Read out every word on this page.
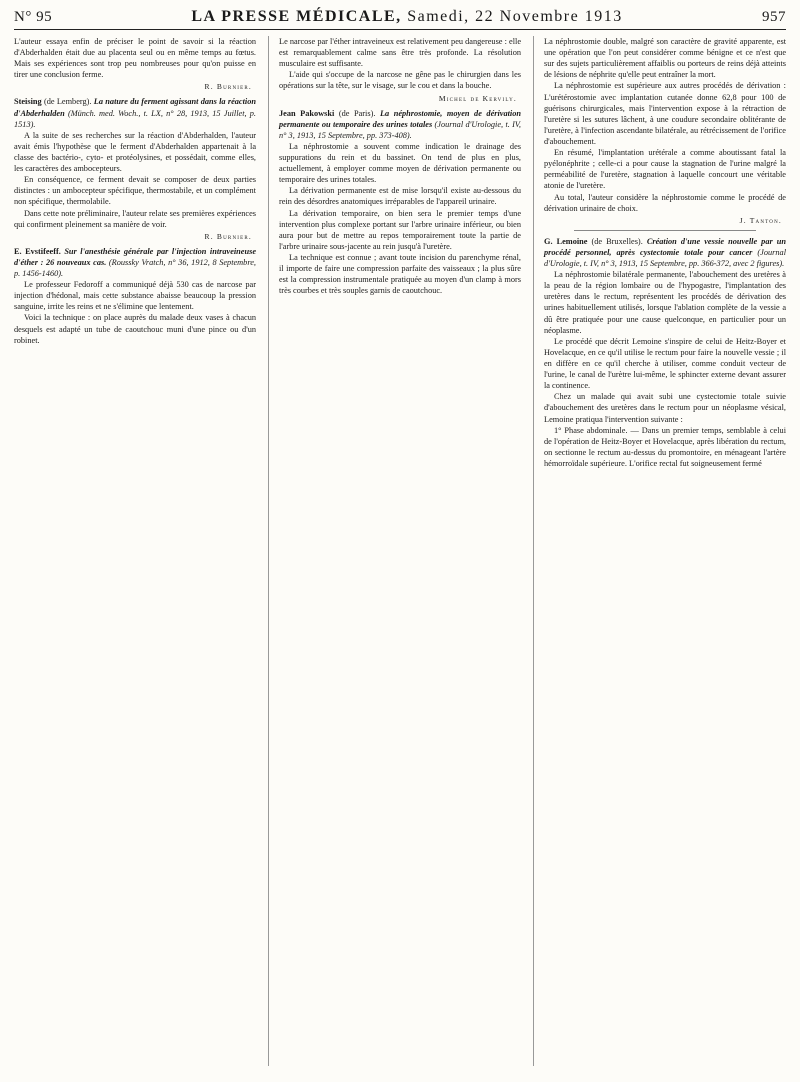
N° 95	LA PRESSE MÉDICALE, Samedi, 22 Novembre 1913	957

L'auteur essaya enfin de préciser le point de savoir si la réaction d'Abderhalden était due au placenta seul ou en même temps au fœtus. Mais ses expériences sont trop peu nombreuses pour qu'on puisse en tirer une conclusion ferme.

R. Burnier.
Steising (de Lemberg). La nature du ferment agissant dans la réaction d'Abderhalden (Münch. med. Woch., t. LX, n° 28, 1913, 15 Juillet, p. 1513).

A la suite de ses recherches sur la réaction d'Abderhalden, l'auteur avait émis l'hypothèse que le ferment d'Abderhalden appartenait à la classe des bactério-, cyto- et protéolysines, et possédait, comme elles, les caractères des ambocepteurs.

En conséquence, ce ferment devait se composer de deux parties distinctes : un ambocepteur spécifique, thermostabile, et un complément non spécifique, thermolabile.

Dans cette note préliminaire, l'auteur relate ses premières expériences qui confirment pleinement sa manière de voir.

R. Burnier.
E. Evstifeeff. Sur l'anesthésie générale par l'injection intraveineuse d'éther : 26 nouveaux cas. (Roussky Vratch, n° 36, 1912, 8 Septembre, p. 1456-1460).

Le professeur Fedoroff a communiqué déjà 530 cas de narcose par injection d'hédonal, mais cette substance abaisse beaucoup la pression sanguine, irrite les reins et ne s'élimine que lentement.

Voici la technique : on place auprès du malade deux vases à chacun desquels est adapté un tube de caoutchouc muni d'une pince ou d'un robinet.

Le narcose par l'éther intraveineux est relativement peu dangereuse : elle est remarquablement calme sans être très profonde. La résolution musculaire est suffisante.

L'aide qui s'occupe de la narcose ne gêne pas le chirurgien dans les opérations sur la tête, sur le visage, sur le cou et dans la bouche.

Michel de Kervily.
Jean Pakowski (de Paris). La néphrostomie, moyen de dérivation permanente ou temporaire des urines totales (Journal d'Urologie, t. IV, n° 3, 1913, 15 Septembre, pp. 373-408).

La néphrostomie a souvent comme indication le drainage des suppurations du rein et du bassinet. On tend de plus en plus, actuellement, à employer comme moyen de dérivation permanente ou temporaire des urines totales.

La dérivation permanente est de mise lorsqu'il existe au-dessous du rein des désordres anatomiques irréparables de l'appareil urinaire.

La dérivation temporaire, on bien sera le premier temps d'une intervention plus complexe portant sur l'arbre urinaire inférieur, ou bien aura pour but de mettre au repos temporairement toute la partie de l'arbre urinaire sous-jacente au rein jusqu'à l'uretère.

La technique est connue ; avant toute incision du parenchyme rénal, il importe de faire une compression parfaite des vaisseaux ; la plus sûre est la compression instrumentale pratiquée au moyen d'un clamp à mors très courbes et très souples garnis de caoutchouc.

La néphrostomie double, malgré son caractère de gravité apparente, est une opération que l'on peut considérer comme bénigne et ce n'est que sur des sujets particulièrement affaiblis ou porteurs de reins déjà atteints de lésions de néphrite qu'elle peut entraîner la mort.

La néphrostomie est supérieure aux autres procédés de dérivation : L'urétérostomie avec implantation cutanée donne 62,8 pour 100 de guérisons chirurgicales, mais l'intervention expose à la rétraction de l'uretère si les sutures lâchent, à une coudure secondaire oblitérante de l'uretère, à l'infection ascendante bilatérale, au rétrécissement de l'orifice d'abouchement.

En résumé, l'implantation urétérale a comme aboutissant fatal la pyélonéphrite ; celle-ci a pour cause la stagnation de l'urine malgré la perméabilité de l'uretère, stagnation à laquelle concourt une véritable atonie de l'uretère.

Au total, l'auteur considère la néphrostomie comme le procédé de dérivation urinaire de choix.

J. Tanton.
G. Lemoine (de Bruxelles). Création d'une vessie nouvelle par un procédé personnel, après cystectomie totale pour cancer (Journal d'Urologie, t. IV, n° 3, 1913, 15 Septembre, pp. 366-372, avec 2 figures).

La néphrostomie bilatérale permanente, l'abouchement des uretères à la peau de la région lombaire ou de l'hypogastre, l'implantation des uretères dans le rectum, représentent les procédés de dérivation des urines habituellement utilisés, lorsque l'ablation complète de la vessie a dû être pratiquée pour une cause quelconque, en particulier pour un néoplasme.

Le procédé que décrit Lemoine s'inspire de celui de Heitz-Boyer et Hovelacque, en ce qu'il utilise le rectum pour faire la nouvelle vessie ; il en diffère en ce qu'il cherche à utiliser, comme conduit vecteur de l'urine, le canal de l'urètre lui-même, le sphincter externe devant assurer la continence.

Chez un malade qui avait subi une cystectomie totale suivie d'abouchement des uretères dans le rectum pour un néoplasme vésical, Lemoine pratiqua l'intervention suivante :

1° Phase abdominale. — Dans un premier temps, semblable à celui de l'opération de Heitz-Boyer et Hovelacque, après libération du rectum, on sectionne le rectum au-dessus du promontoire, en ménageant l'artère hémorroïdale supérieure. L'orifice rectal fut soigneusement fermé
